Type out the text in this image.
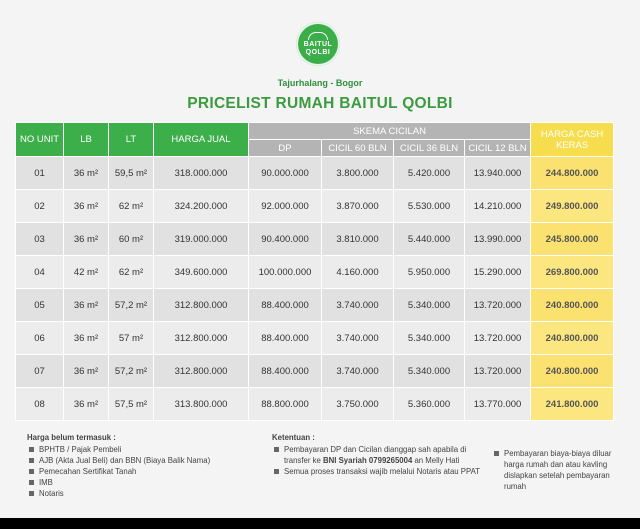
BAITUL
QOLBI
Tajurhalang - Bogor
PRICELIST RUMAH BAITUL QOLBI
NO UNIT	LB	LT	HARGA JUAL	SKEMA CICILAN				HARGA CASH KERAS
				DP	CICIL 60 BLN	CICIL 36 BLN	CICIL 12 BLN	
01	36 m²	59,5 m²	318.000.000	90.000.000	3.800.000	5.420.000	13.940.000	244.800.000
02	36 m²	62 m²	324.200.000	92.000.000	3.870.000	5.530.000	14.210.000	249.800.000
03	36 m²	60 m²	319.000.000	90.400.000	3.810.000	5.440.000	13.990.000	245.800.000
04	42 m²	62 m²	349.600.000	100.000.000	4.160.000	5.950.000	15.290.000	269.800.000
05	36 m²	57,2 m²	312.800.000	88.400.000	3.740.000	5.340.000	13.720.000	240.800.000
06	36 m²	57 m²	312.800.000	88.400.000	3.740.000	5.340.000	13.720.000	240.800.000
07	36 m²	57,2 m²	312.800.000	88.400.000	3.740.000	5.340.000	13.720.000	240.800.000
08	36 m²	57,5 m²	313.800.000	88.800.000	3.750.000	5.360.000	13.770.000	241.800.000
Harga belum termasuk :
BPHTB / Pajak Pembeli
AJB (Akta Jual Beli) dan BBN (Biaya Balik Nama)
Pemecahan Sertifikat Tanah
IMB
Notaris
Ketentuan :
Pembayaran DP dan Cicilan dianggap sah apabila di transfer ke BNI Syariah 0799265004 an Melly Hati
Semua proses transaksi wajib melalui Notaris atau PPAT
Pembayaran biaya-biaya diluar harga rumah dan atau kavling dislapkan setelah pembayaran rumah
